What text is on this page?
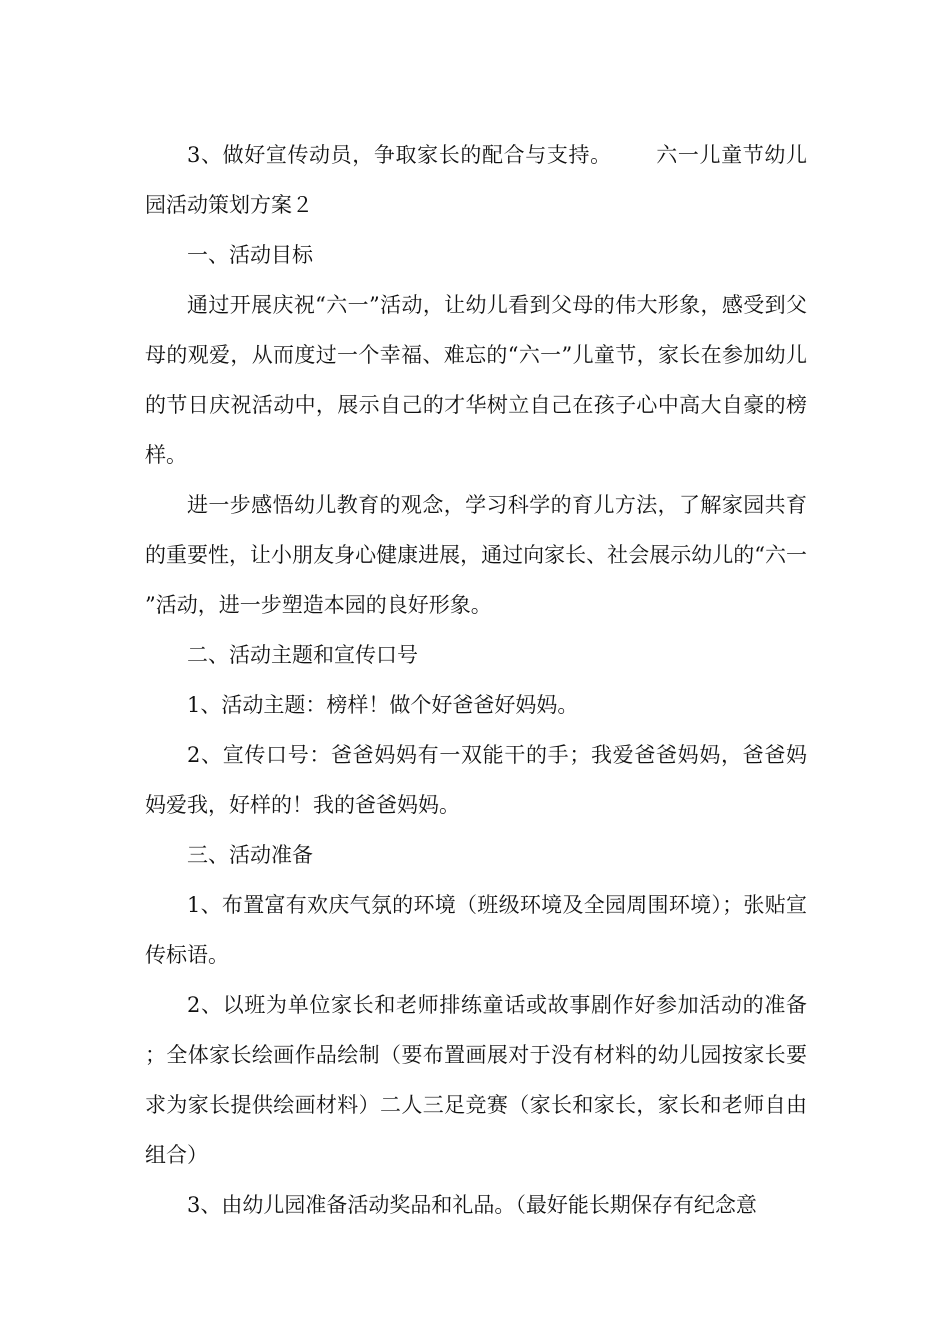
3、做好宣传动员，争取家长的配合与支持。 六一儿童节幼儿园活动策划方案２

一、活动目标

通过开展庆祝“六一”活动，让幼儿看到父母的伟大形象，感受到父母的观爱，从而度过一个幸福、难忘的“六一”儿童节，家长在参加幼儿的节日庆祝活动中，展示自己的才华树立自己在孩子心中高大自豪的榜样。

进一步感悟幼儿教育的观念，学习科学的育儿方法，了解家园共育的重要性，让小朋友身心健康进展，通过向家长、社会展示幼儿的“六一”活动，进一步塑造本园的良好形象。

二、活动主题和宣传口号

1、活动主题：榜样！做个好爸爸好妈妈。

2、宣传口号：爸爸妈妈有一双能干的手；我爱爸爸妈妈，爸爸妈妈爱我，好样的！我的爸爸妈妈。

三、活动准备

1、布置富有欢庆气氛的环境（班级环境及全园周围环境）；张贴宣传标语。

2、以班为单位家长和老师排练童话或故事剧作好参加活动的准备；全体家长绘画作品绘制（要布置画展对于没有材料的幼儿园按家长要求为家长提供绘画材料）二人三足竞赛（家长和家长，家长和老师自由组合）

3、由幼儿园准备活动奖品和礼品。（最好能长期保存有纪念意
